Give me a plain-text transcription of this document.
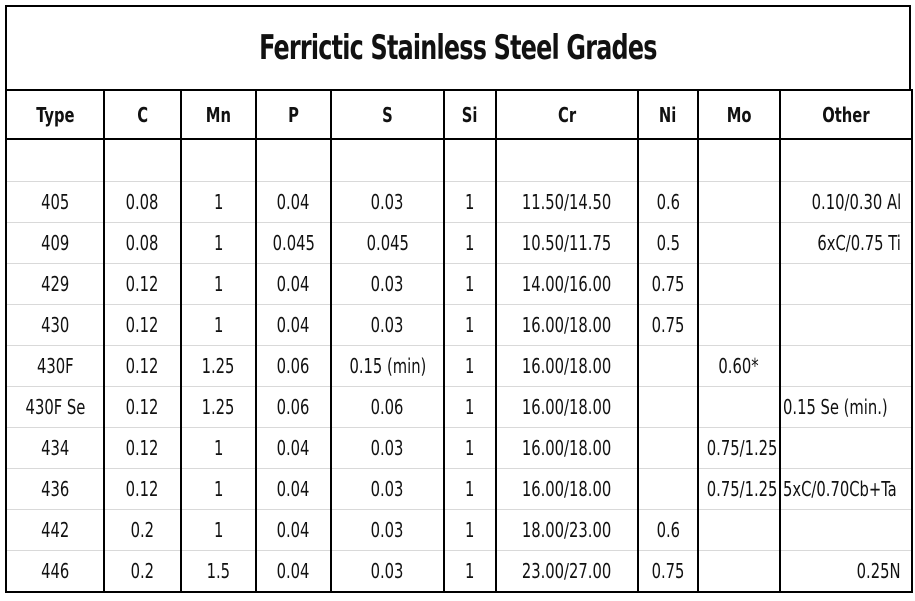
Ferrictic Stainless Steel Grades
Type	C	Mn	P	S	Si	Cr	Ni	Mo	Other

405	0.08	1	0.04	0.03	1	11.50/14.50	0.6		0.10/0.30 Al
409	0.08	1	0.045	0.045	1	10.50/11.75	0.5		6xC/0.75 Ti
429	0.12	1	0.04	0.03	1	14.00/16.00	0.75		
430	0.12	1	0.04	0.03	1	16.00/18.00	0.75		
430F	0.12	1.25	0.06	0.15 (min)	1	16.00/18.00		0.60*	
430F Se	0.12	1.25	0.06	0.06	1	16.00/18.00			0.15 Se (min.)
434	0.12	1	0.04	0.03	1	16.00/18.00		0.75/1.25	
436	0.12	1	0.04	0.03	1	16.00/18.00		0.75/1.25	5xC/0.70Cb+Ta
442	0.2	1	0.04	0.03	1	18.00/23.00	0.6		
446	0.2	1.5	0.04	0.03	1	23.00/27.00	0.75		0.25N
